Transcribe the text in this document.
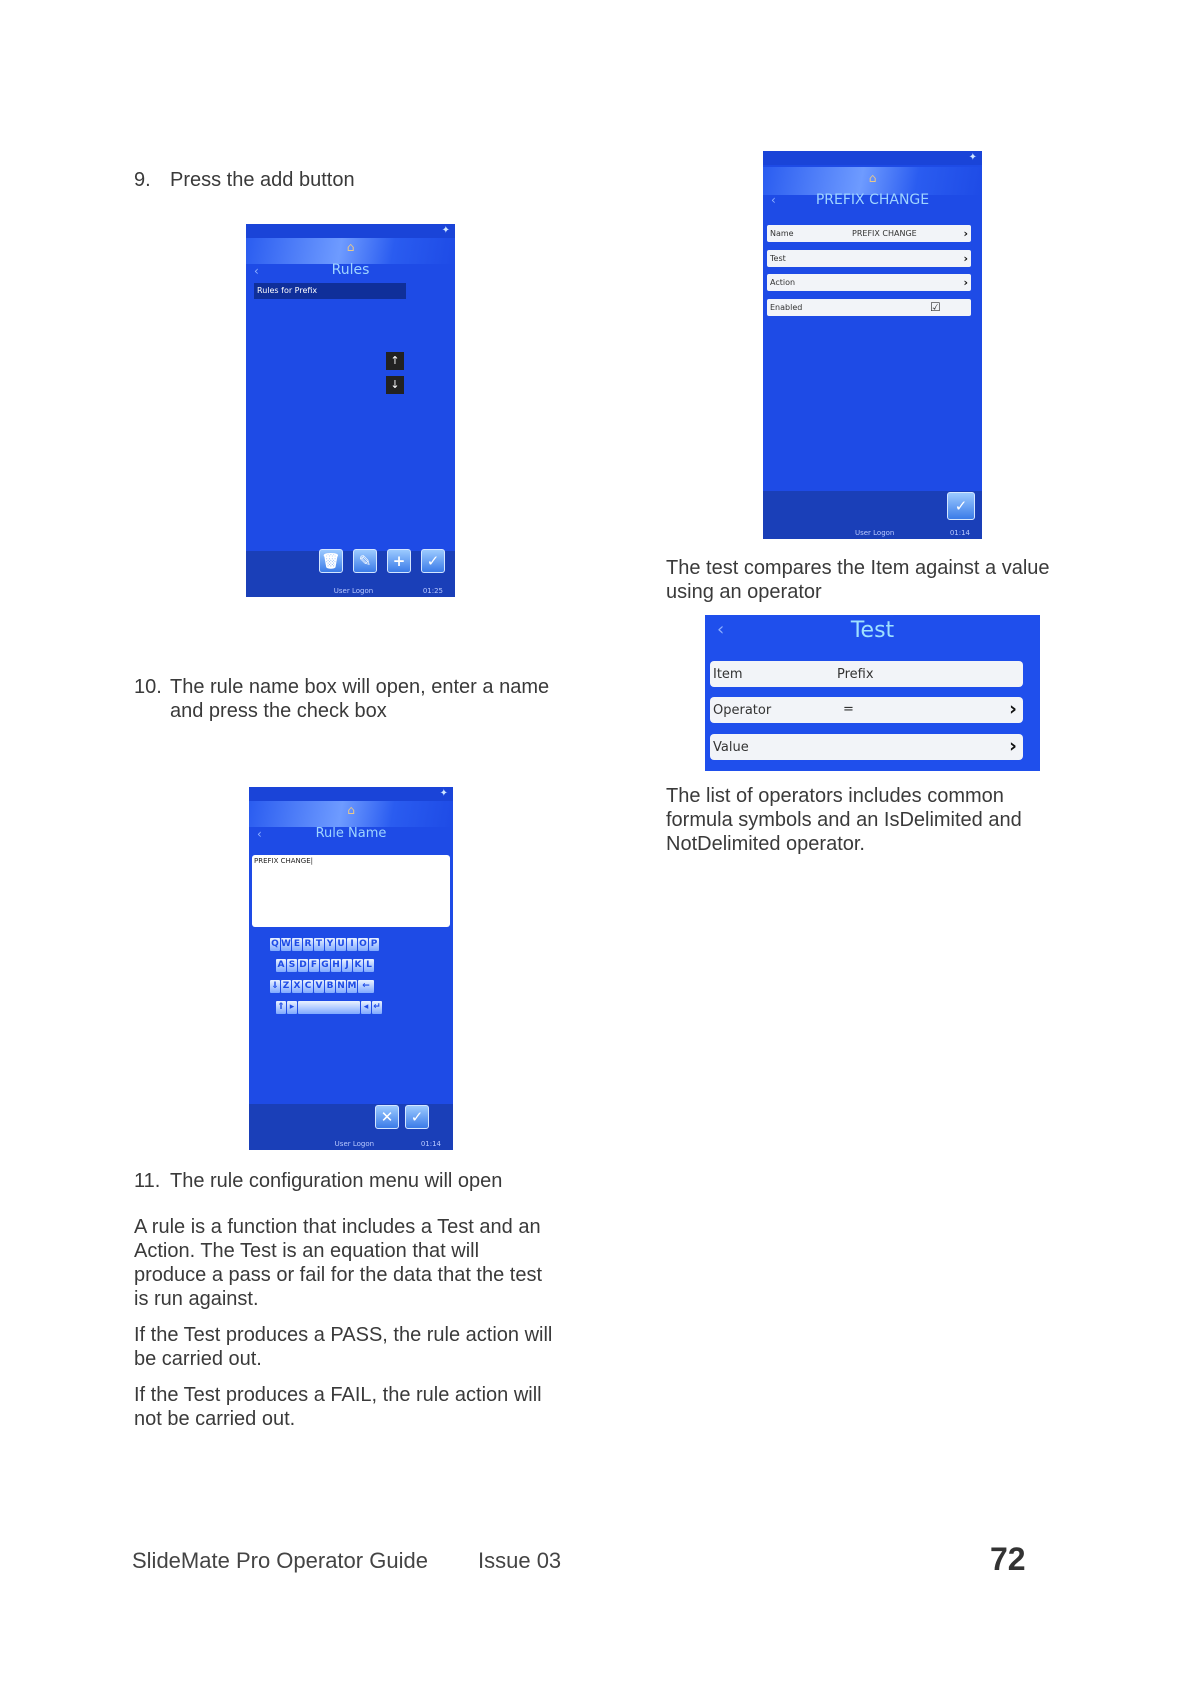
9. Press the add button
✦
⌂
‹	Rules
Rules for Prefix
↑
↓
🗑	✎	+	✓
User Logon	01:25
10. The rule name box will open, enter a name
and press the check box
✦
⌂
‹	Rule Name
PREFIX CHANGE|
Q W E R T Y U I O P
A S D F G H J K L
⇓ Z X C V B N M ←
⇑ ▸	◂ ↵
✕	✓
User Logon	01:14
11. The rule configuration menu will open

A rule is a function that includes a Test and an
Action. The Test is an equation that will
produce a pass or fail for the data that the test
is run against.

If the Test produces a PASS, the rule action will
be carried out.

If the Test produces a FAIL, the rule action will
not be carried out.

✦
⌂
‹	PREFIX CHANGE
Name	PREFIX CHANGE	›
Test	›
Action	›
Enabled	☑
✓
User Logon	01:14
The test compares the Item against a value
using an operator
‹	Test
Item	Prefix
Operator	=	›
Value	›
The list of operators includes common
formula symbols and an IsDelimited and
NotDelimited operator.
SlideMate Pro Operator Guide Issue 03	72
